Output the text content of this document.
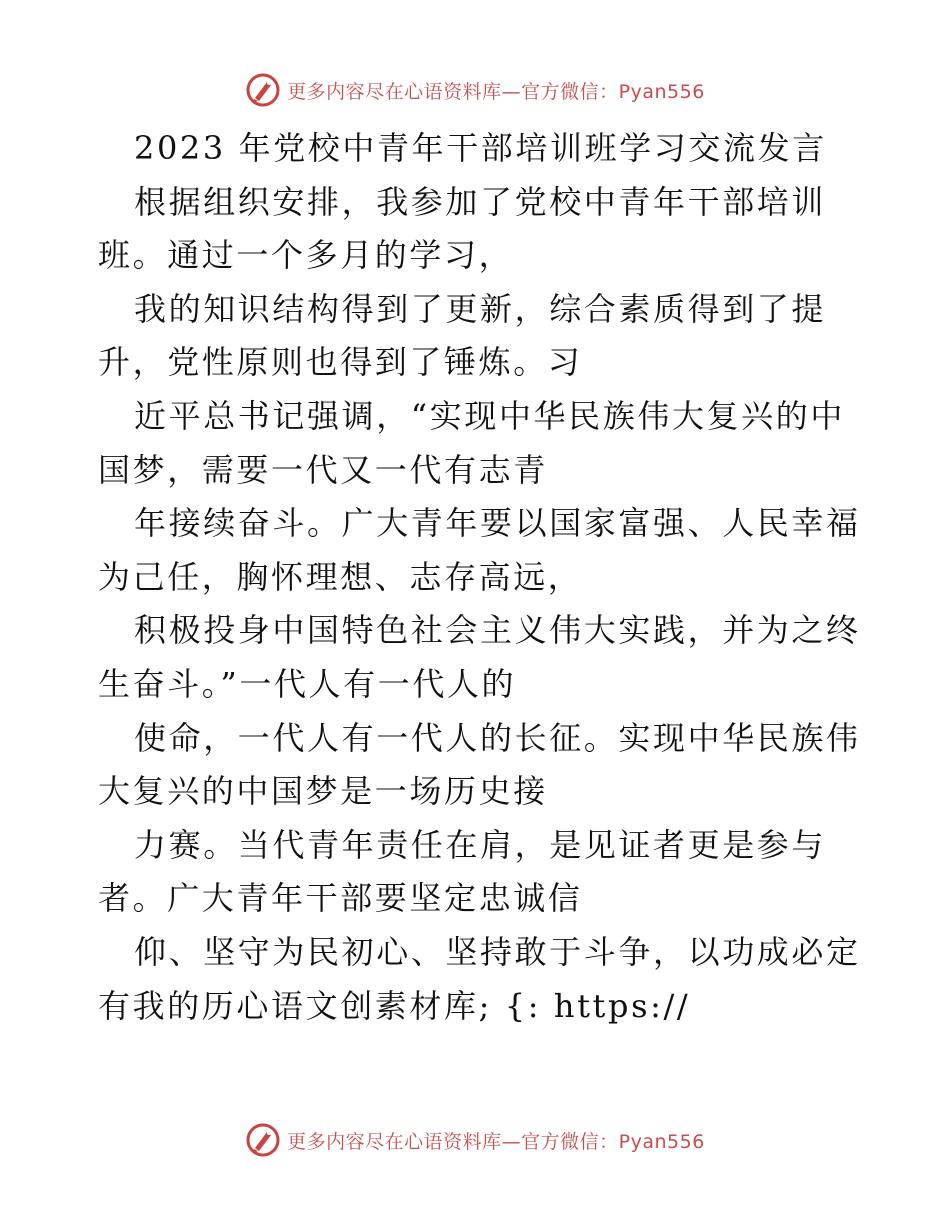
更多内容尽在心语资料库—官方微信：Pyan556
2023 年党校中青年干部培训班学习交流发言
根据组织安排，我参加了党校中青年干部培训
班。通过一个多月的学习，
我的知识结构得到了更新，综合素质得到了提
升，党性原则也得到了锤炼。习
近平总书记强调，“实现中华民族伟大复兴的中
国梦，需要一代又一代有志青
年接续奋斗。广大青年要以国家富强、人民幸福
为己任，胸怀理想、志存高远，
积极投身中国特色社会主义伟大实践，并为之终
生奋斗。”一代人有一代人的
使命，一代人有一代人的长征。实现中华民族伟
大复兴的中国梦是一场历史接
力赛。当代青年责任在肩，是见证者更是参与
者。广大青年干部要坚定忠诚信
仰、坚守为民初心、坚持敢于斗争，以功成必定
有我的历心语文创素材库; {: https://
更多内容尽在心语资料库—官方微信：Pyan556
